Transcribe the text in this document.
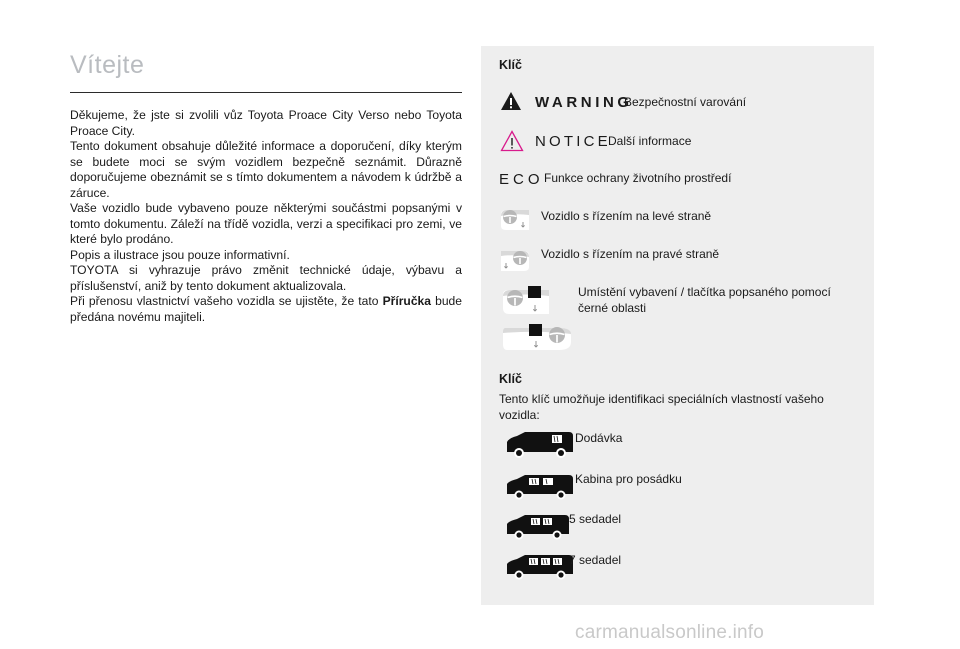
Vítejte

Děkujeme, že jste si zvolili vůz Toyota Proace City Verso nebo Toyota Proace City.

Tento dokument obsahuje důležité informace a doporučení, díky kterým se budete moci se svým vozidlem bezpečně seznámit. Důrazně doporučujeme obeznámit se s tímto dokumentem a návodem k údržbě a záruce.

Vaše vozidlo bude vybaveno pouze některými součástmi popsanými v tomto dokumentu. Záleží na třídě vozidla, verzi a specifikaci pro zemi, ve které bylo prodáno.

Popis a ilustrace jsou pouze informativní.

TOYOTA si vyhrazuje právo změnit technické údaje, výbavu a příslušenství, aniž by tento dokument aktualizovala.

Při přenosu vlastnictví vašeho vozidla se ujistěte, že tato Příručka bude předána novému majiteli.

Klíč
WARNING
Bezpečnostní varování
NOTICE
Další informace
ECO Funkce ochrany životního prostředí
Vozidlo s řízením na levé straně
Vozidlo s řízením na pravé straně
Umístění vybavení / tlačítka popsaného pomocí černé oblasti
Klíč
Tento klíč umožňuje identifikaci speciálních vlastností vašeho vozidla:
Dodávka
Kabina pro posádku
5 sedadel
7 sedadel
carmanualsonline.info
